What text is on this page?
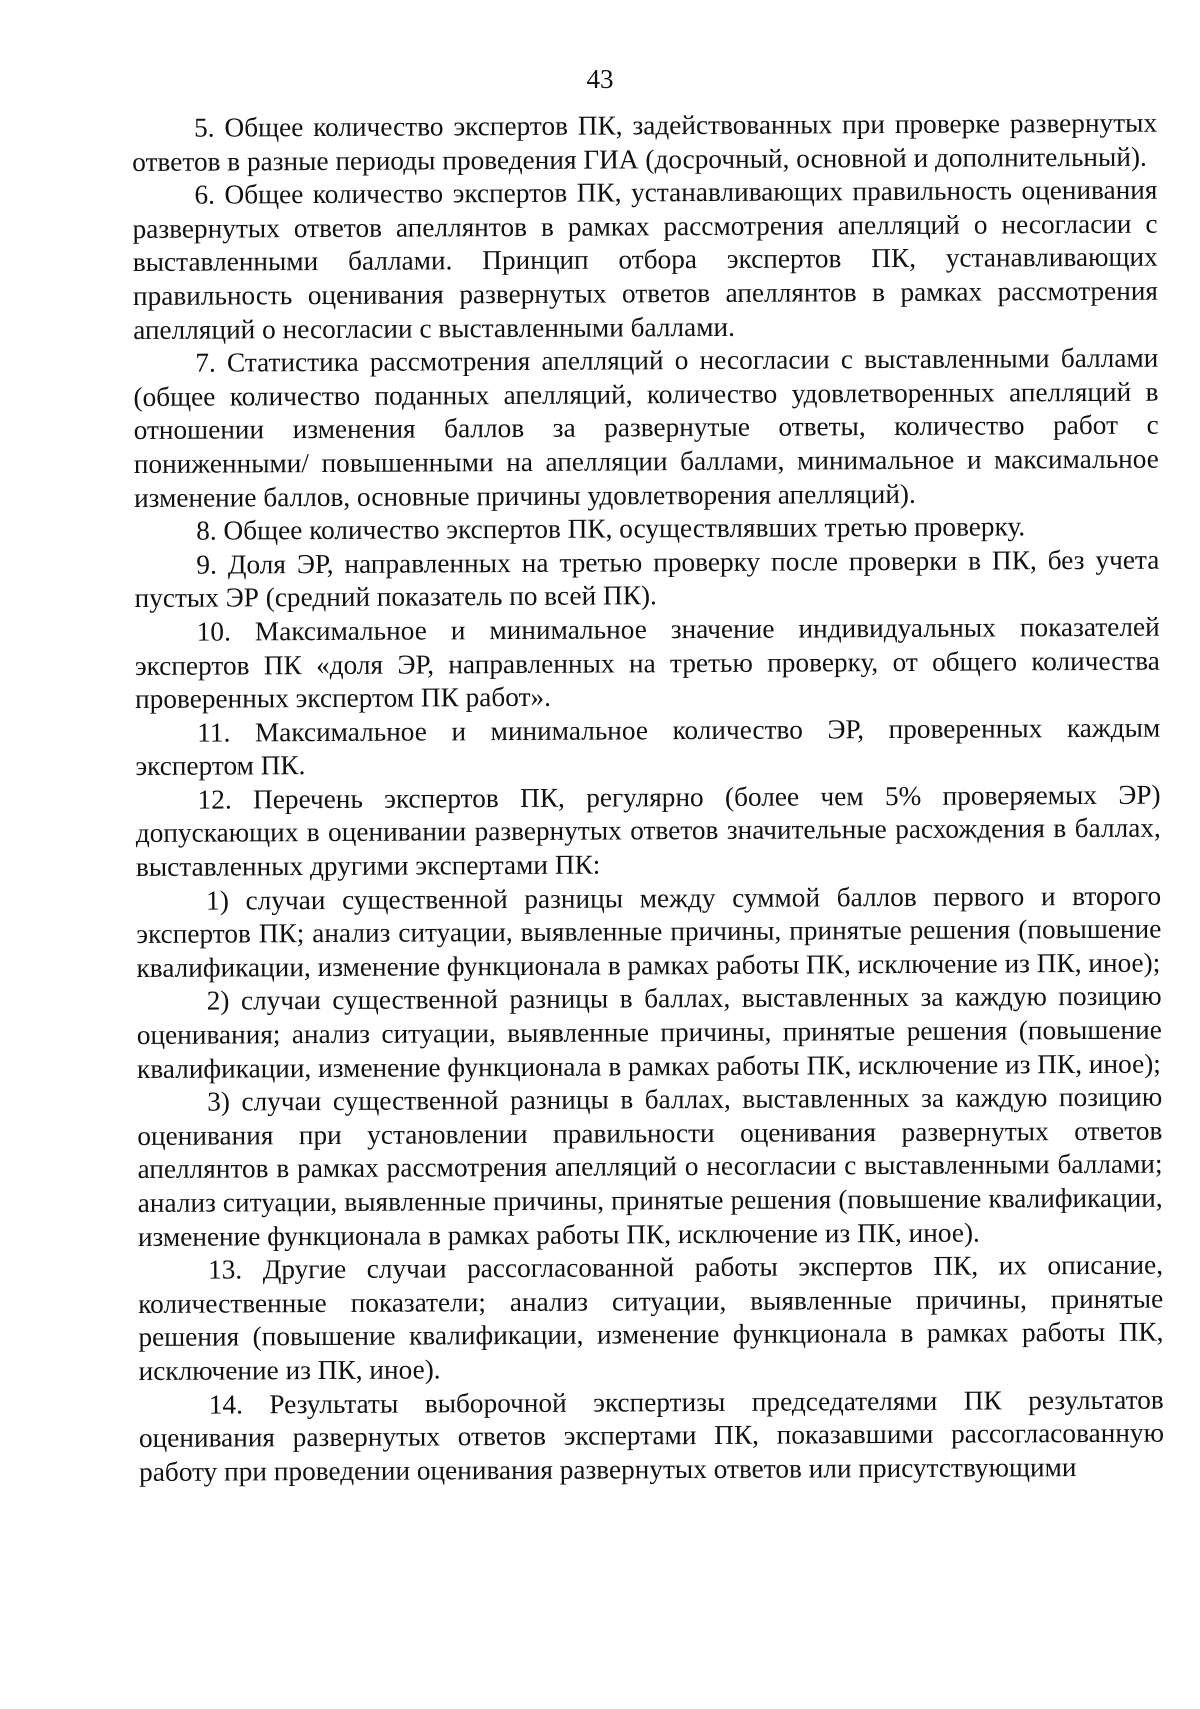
43

5. Общее количество экспертов ПК, задействованных при проверке развернутых ответов в разные периоды проведения ГИА (досрочный, основной и дополнительный).

6. Общее количество экспертов ПК, устанавливающих правильность оценивания развернутых ответов апеллянтов в рамках рассмотрения апелляций о несогласии с выставленными баллами. Принцип отбора экспертов ПК, устанавливающих правильность оценивания развернутых ответов апеллянтов в рамках рассмотрения апелляций о несогласии с выставленными баллами.

7. Статистика рассмотрения апелляций о несогласии с выставленными баллами (общее количество поданных апелляций, количество удовлетворенных апелляций в отношении изменения баллов за развернутые ответы, количество работ с пониженными/ повышенными на апелляции баллами, минимальное и максимальное изменение баллов, основные причины удовлетворения апелляций).

8. Общее количество экспертов ПК, осуществлявших третью проверку.

9. Доля ЭР, направленных на третью проверку после проверки в ПК, без учета пустых ЭР (средний показатель по всей ПК).

10. Максимальное и минимальное значение индивидуальных показателей экспертов ПК «доля ЭР, направленных на третью проверку, от общего количества проверенных экспертом ПК работ».

11. Максимальное и минимальное количество ЭР, проверенных каждым экспертом ПК.

12. Перечень экспертов ПК, регулярно (более чем 5% проверяемых ЭР) допускающих в оценивании развернутых ответов значительные расхождения в баллах, выставленных другими экспертами ПК:

1) случаи существенной разницы между суммой баллов первого и второго экспертов ПК; анализ ситуации, выявленные причины, принятые решения (повышение квалификации, изменение функционала в рамках работы ПК, исключение из ПК, иное);

2) случаи существенной разницы в баллах, выставленных за каждую позицию оценивания; анализ ситуации, выявленные причины, принятые решения (повышение квалификации, изменение функционала в рамках работы ПК, исключение из ПК, иное);

3) случаи существенной разницы в баллах, выставленных за каждую позицию оценивания при установлении правильности оценивания развернутых ответов апеллянтов в рамках рассмотрения апелляций о несогласии с выставленными баллами; анализ ситуации, выявленные причины, принятые решения (повышение квалификации, изменение функционала в рамках работы ПК, исключение из ПК, иное).

13. Другие случаи рассогласованной работы экспертов ПК, их описание, количественные показатели; анализ ситуации, выявленные причины, принятые решения (повышение квалификации, изменение функционала в рамках работы ПК, исключение из ПК, иное).

14. Результаты выборочной экспертизы председателями ПК результатов оценивания развернутых ответов экспертами ПК, показавшими рассогласованную работу при проведении оценивания развернутых ответов или присутствующими
